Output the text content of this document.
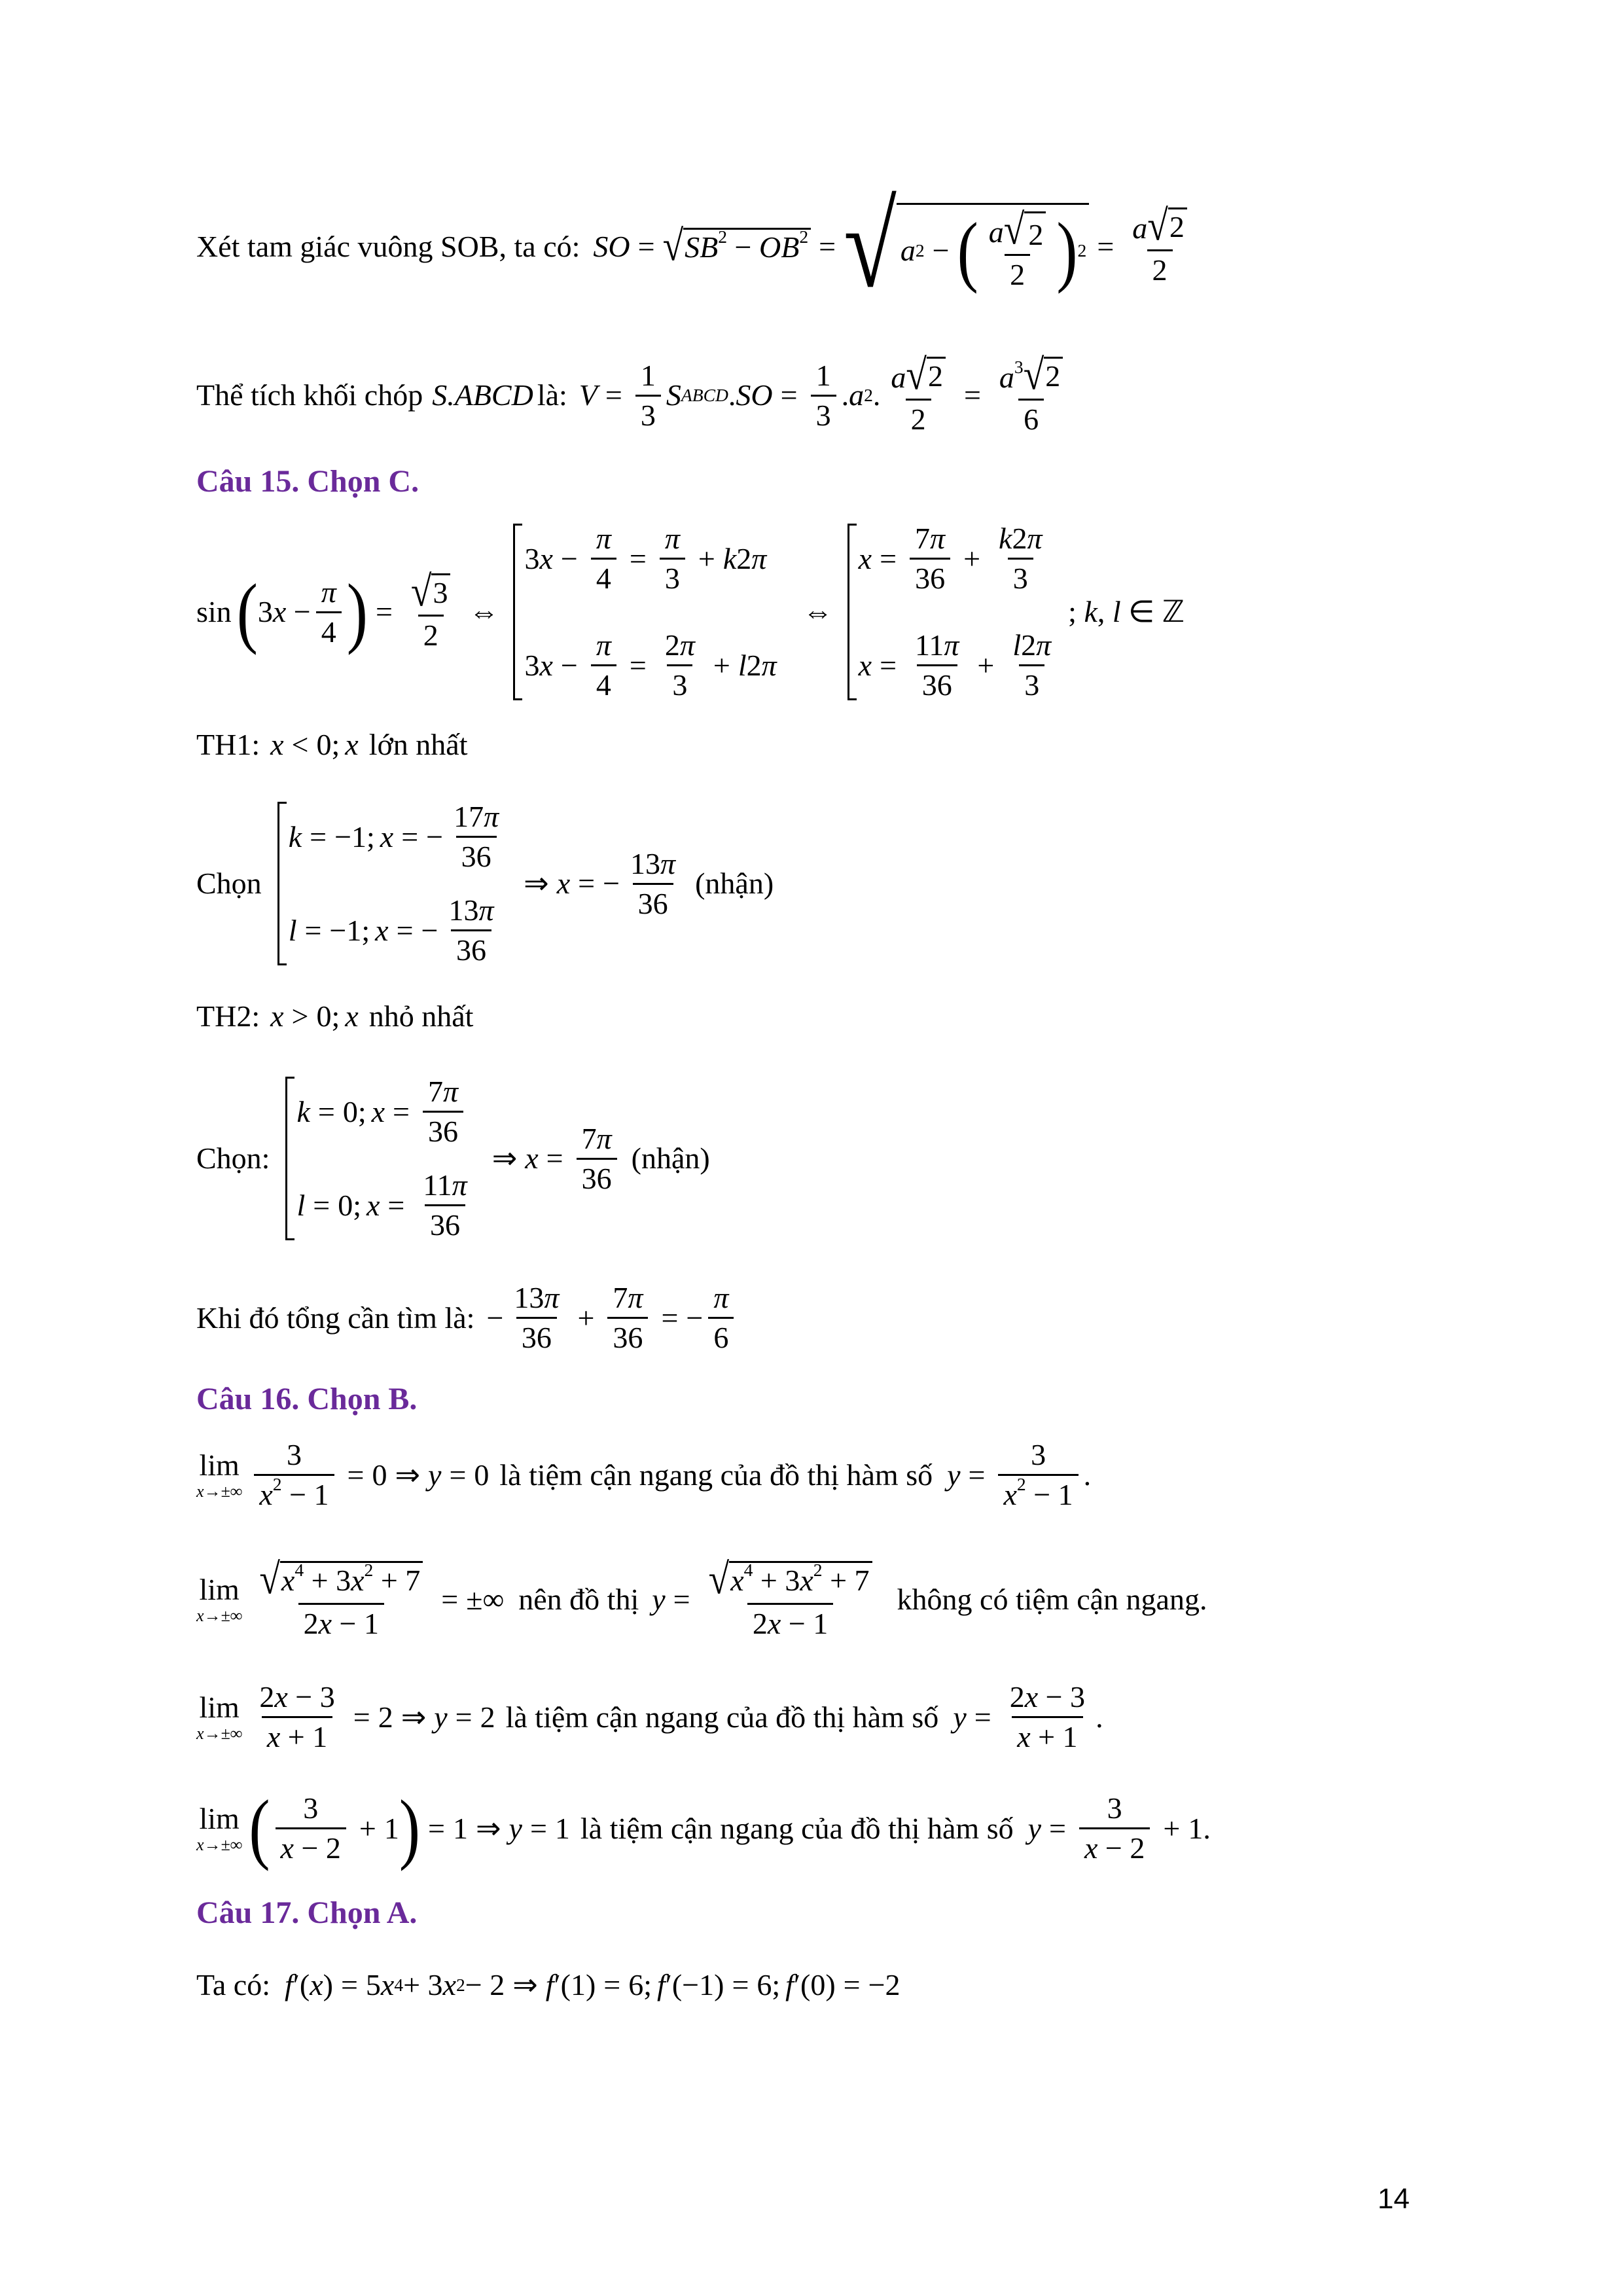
Xét tam giác vuông SOB, ta có: SO = √ $SB^2 - OB^2$ = √ a 2 − ( $\frac{a √ 2}{2}$ ) $2 = \frac{a √ 2}{2}$
Thể tích khối chóp S.ABCD là: $V = \frac{1}{3}$ S ABCD . SO = $\frac{1}{3}$ . a 2 . $\frac{a √ 2}{2} = \frac{a^3 √ 2}{6}$
Câu 15. Chọn C.
sin ( $3x - \frac{\pi}{4}$ ) = $\frac{√ 3}{2}$ ⇔
3 $x - \frac{\pi}{4} = \frac{\pi}{3} + k$ 2 π
3 $x - \frac{\pi}{4} = \frac{2\pi}{3} + l$ 2 π
⇔
$x = \frac{7\pi}{36} + \frac{k2\pi}{3}$
$x = \frac{11\pi}{36} + \frac{l2\pi}{3}$
; k, l ∈ ℤ
TH1: x < 0; x lớn nhất
Chọn
k = −1; x = − $\frac{17\pi}{36}$
l = −1; x = − $\frac{13\pi}{36}$
⇒ x = − $\frac{13\pi}{36}$ (nhận)
TH2: x > 0; x nhỏ nhất
Chọn:
k = 0; $x = \frac{7\pi}{36}$
l = 0; $x = \frac{11\pi}{36}$
⇒ $x = \frac{7\pi}{36}$ (nhận)
Khi đó tổng cần tìm là: − $\frac{13\pi}{36} + \frac{7\pi}{36}$ = − $\frac{\pi}{6}$
Câu 16. Chọn B.
lim
$x\to\pm\infty \frac{3}{x^2 - 1} = 0$ ⇒ y = 0 là tiệm cận ngang của đồ thị hàm số $y = \frac{3}{x^2 - 1}$ .
lim
$x\to\pm\infty \frac{√ x^4 + 3x^2 + 7}{2x - 1}$ = ±∞ nên đồ thị $y = \frac{√ x^4 + 3x^2 + 7}{2x - 1}$ không có tiệm cận ngang.
lim
$x\to\pm\infty \frac{2x - 3}{x + 1} = 2$ ⇒ y = 2 là tiệm cận ngang của đồ thị hàm số $y = \frac{2x - 3}{x + 1}$ .
lim
x→±∞ ( $\frac{3}{x - 2} + 1$ ) = 1 ⇒ y = 1 là tiệm cận ngang của đồ thị hàm số $y = \frac{3}{x - 2} + 1$.
Câu 17. Chọn A.
Ta có: f ′( x ) = 5 x 4 + 3 x 2 − 2 ⇒ f ′(1) = 6; f ′(−1) = 6; f ′(0) = −2
14
